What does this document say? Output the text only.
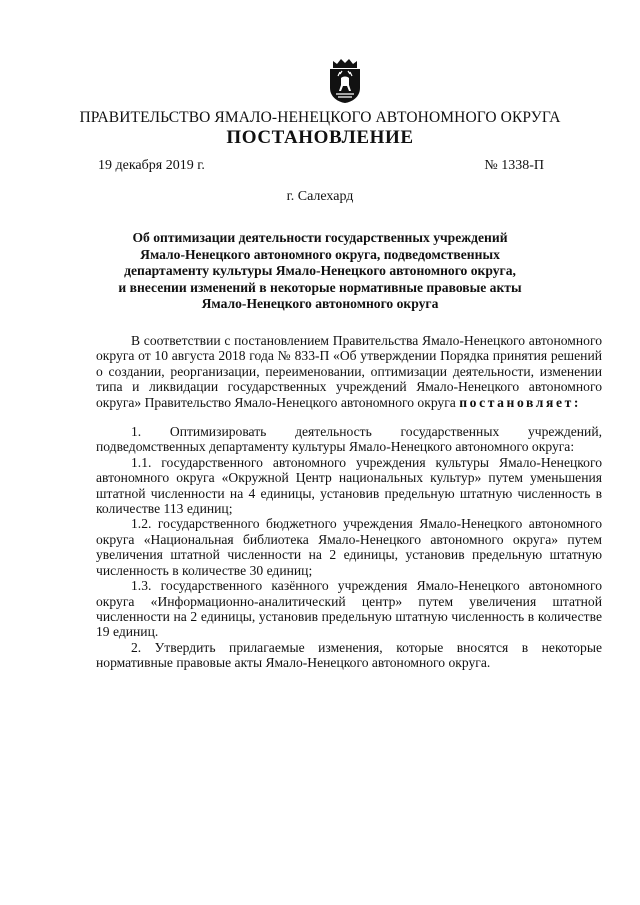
ПРАВИТЕЛЬСТВО ЯМАЛО-НЕНЕЦКОГО АВТОНОМНОГО ОКРУГА
ПОСТАНОВЛЕНИЕ
19 декабря 2019 г.	№ 1338-П
г. Салехард
Об оптимизации деятельности государственных учреждений
Ямало-Ненецкого автономного округа, подведомственных
департаменту культуры Ямало-Ненецкого автономного округа,
и внесении изменений в некоторые нормативные правовые акты
Ямало-Ненецкого автономного округа

В соответствии с постановлением Правительства Ямало-Ненецкого автономного округа от 10 августа 2018 года № 833-П «Об утверждении Порядка принятия решений о создании, реорганизации, переименовании, оптимизации деятельности, изменении типа и ликвидации государственных учреждений Ямало-Ненецкого автономного округа» Правительство Ямало-Ненецкого автономного округа постановляет:

1. Оптимизировать деятельность государственных учреждений, подведомственных департаменту культуры Ямало-Ненецкого автономного округа:

1.1. государственного автономного учреждения культуры Ямало-Ненецкого автономного округа «Окружной Центр национальных культур» путем уменьшения штатной численности на 4 единицы, установив предельную штатную численность в количестве 113 единиц;

1.2. государственного бюджетного учреждения Ямало-Ненецкого автономного округа «Национальная библиотека Ямало-Ненецкого автономного округа» путем увеличения штатной численности на 2 единицы, установив предельную штатную численность в количестве 30 единиц;

1.3. государственного казённого учреждения Ямало-Ненецкого автономного округа «Информационно-аналитический центр» путем увеличения штатной численности на 2 единицы, установив предельную штатную численность в количестве 19 единиц.

2. Утвердить прилагаемые изменения, которые вносятся в некоторые нормативные правовые акты Ямало-Ненецкого автономного округа.
